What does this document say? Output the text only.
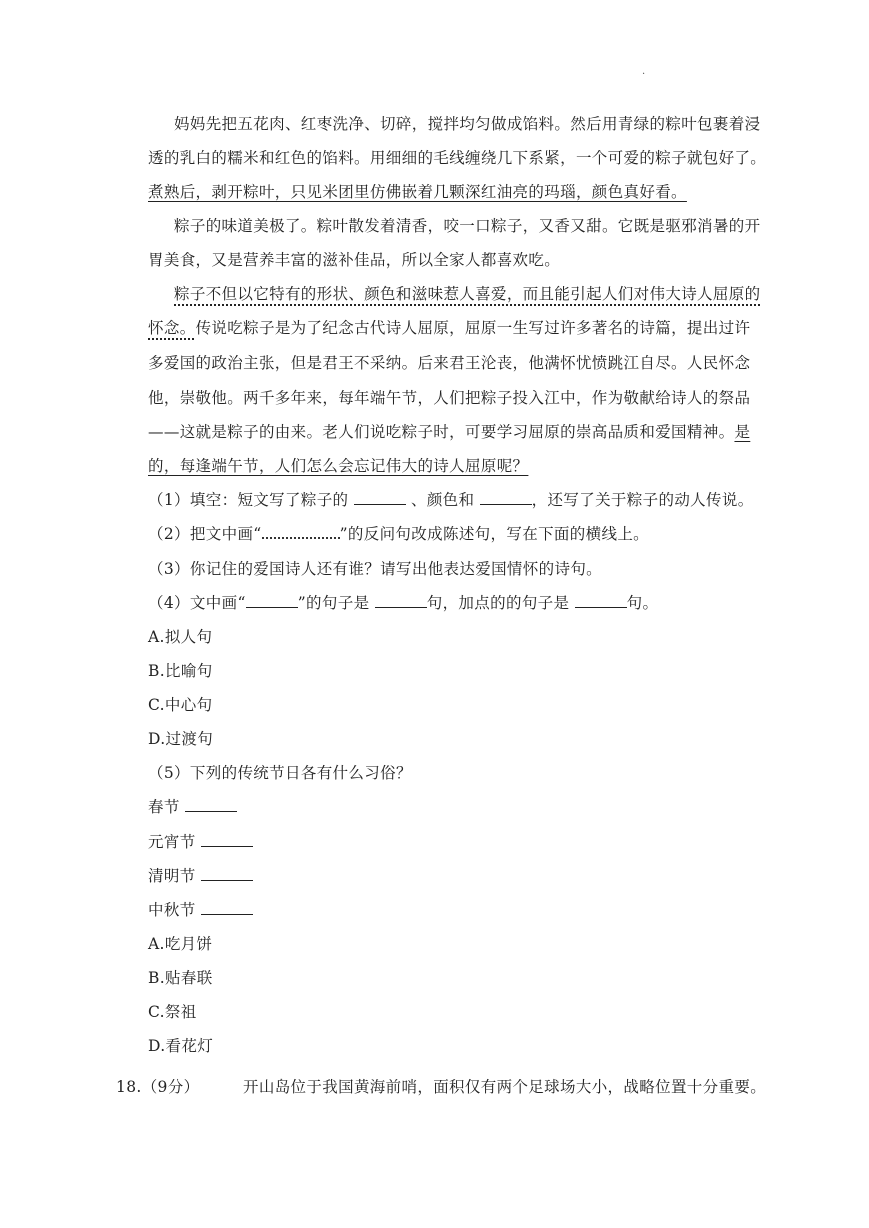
.
妈妈先把五花肉、红枣洗净、切碎，搅拌均匀做成馅料。然后用青绿的粽叶包裹着浸
透的乳白的糯米和红色的馅料。用细细的毛线缠绕几下系紧，一个可爱的粽子就包好了。
煮熟后，剥开粽叶，只见米团里仿佛嵌着几颗深红油亮的玛瑙，颜色真好看。
粽子的味道美极了。粽叶散发着清香，咬一口粽子，又香又甜。它既是驱邪消暑的开
胃美食，又是营养丰富的滋补佳品，所以全家人都喜欢吃。
粽子不但以它特有的形状、颜色和滋味惹人喜爱，而且能引起人们对伟大诗人屈原的
怀念。传说吃粽子是为了纪念古代诗人屈原，屈原一生写过许多著名的诗篇，提出过许
多爱国的政治主张，但是君王不采纳。后来君王沦丧，他满怀忧愤跳江自尽。人民怀念
他，崇敬他。两千多年来，每年端午节，人们把粽子投入江中，作为敬献给诗人的祭品
——这就是粽子的由来。老人们说吃粽子时，可要学习屈原的崇高品质和爱国精神。是
的，每逢端午节，人们怎么会忘记伟大的诗人屈原呢？
（1）填空：短文写了粽子的	、颜色和	，还写了关于粽子的动人传说。
（2）把文中画“	”的反问句改成陈述句，写在下面的横线上。
（3）你记住的爱国诗人还有谁？请写出他表达爱国情怀的诗句。
（4）文中画“	”的句子是	句，加点的的句子是	句。
A.拟人句
B.比喻句
C.中心句
D.过渡句
（5）下列的传统节日各有什么习俗？
春节
元宵节
清明节
中秋节
A.吃月饼
B.贴春联
C.祭祖
D.看花灯
18.（9分）	开山岛位于我国黄海前哨，面积仅有两个足球场大小，战略位置十分重要。
